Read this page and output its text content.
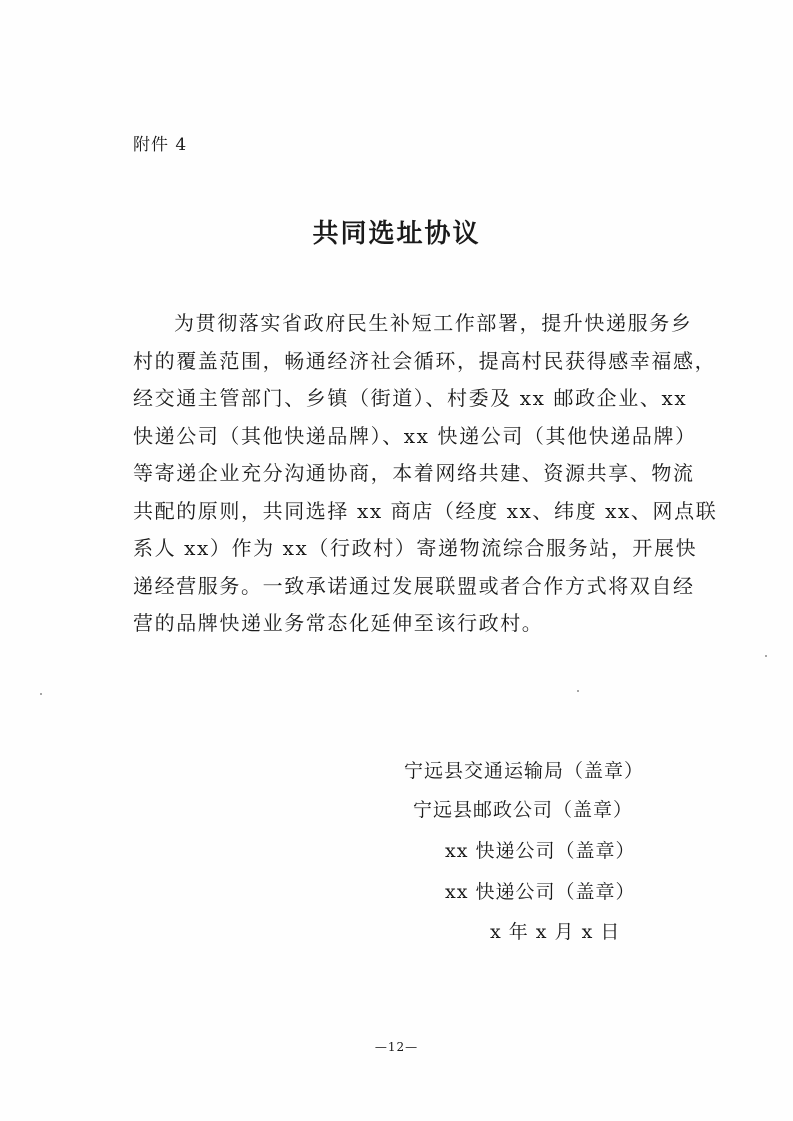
附件 4
共同选址协议
为贯彻落实省政府民生补短工作部署，提升快递服务乡
村的覆盖范围，畅通经济社会循环，提高村民获得感幸福感，
经交通主管部门、乡镇（街道）、村委及 xx 邮政企业、xx
快递公司（其他快递品牌）、xx 快递公司（其他快递品牌）
等寄递企业充分沟通协商，本着网络共建、资源共享、物流
共配的原则，共同选择 xx 商店（经度 xx、纬度 xx、网点联
系人 xx）作为 xx（行政村）寄递物流综合服务站，开展快
递经营服务。一致承诺通过发展联盟或者合作方式将双自经
营的品牌快递业务常态化延伸至该行政村。
宁远县交通运输局（盖章）
宁远县邮政公司（盖章）
xx 快递公司（盖章）
xx 快递公司（盖章）
x 年 x 月 x 日
—12—
